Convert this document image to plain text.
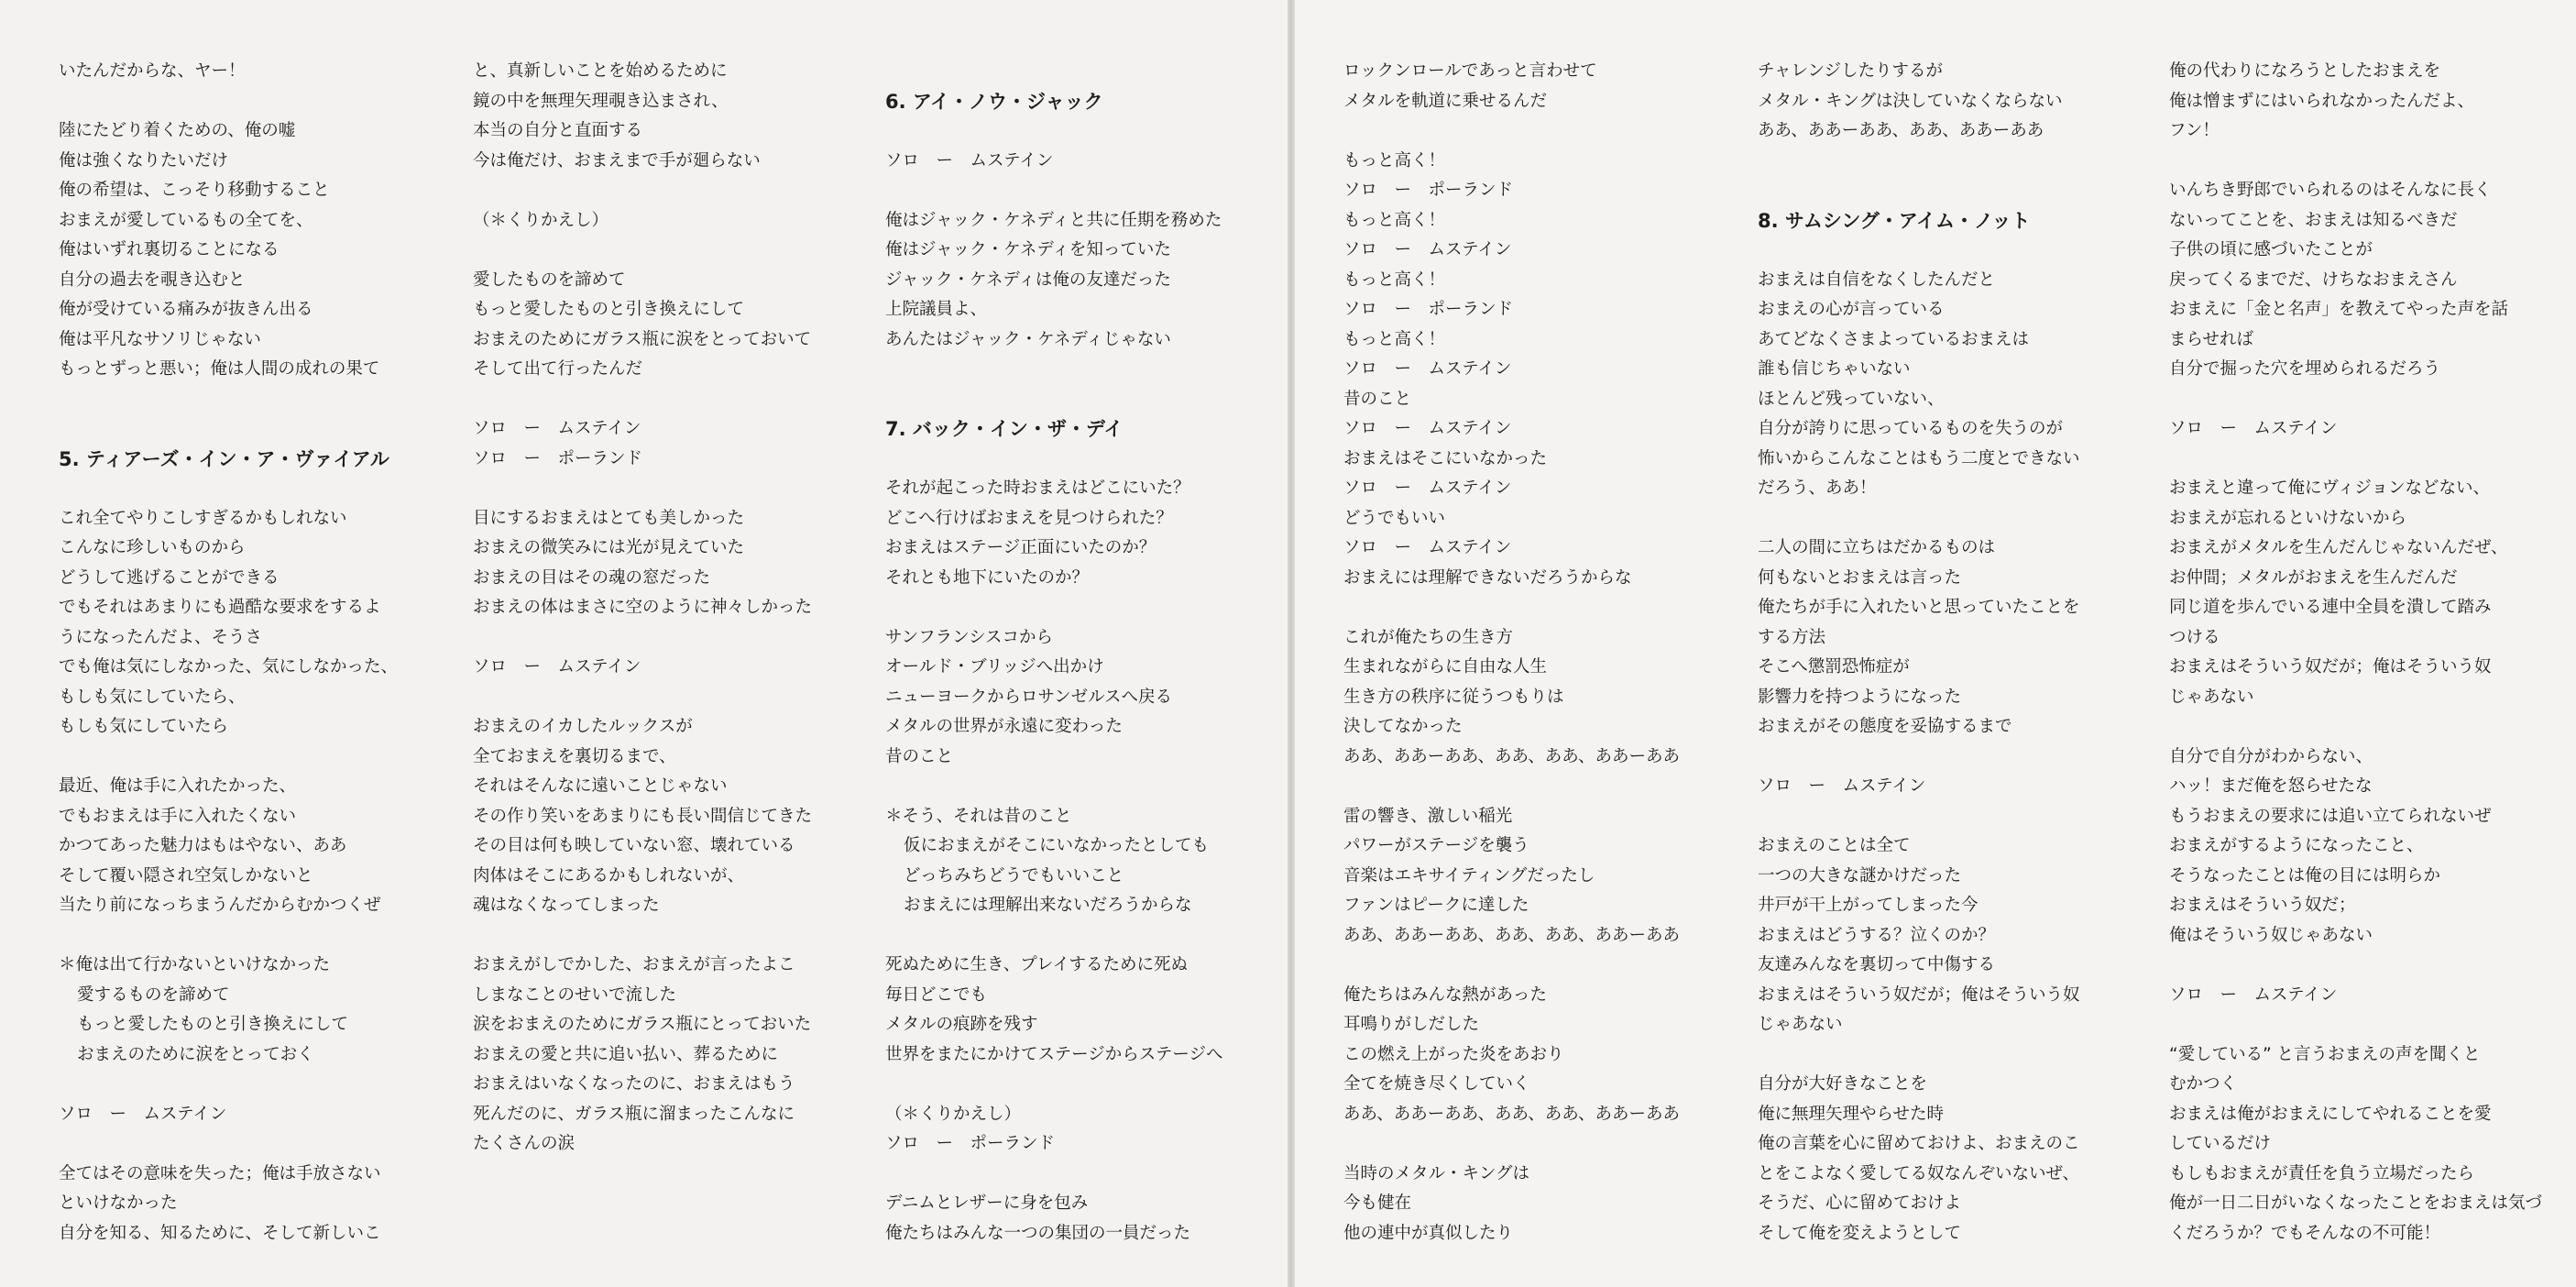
いたんだからな、ヤー！
陸にたどり着くための、俺の嘘
俺は強くなりたいだけ
俺の希望は、こっそり移動すること
おまえが愛しているもの全てを、
俺はいずれ裏切ることになる
自分の過去を覗き込むと
俺が受けている痛みが抜きん出る
俺は平凡なサソリじゃない
もっとずっと悪い；俺は人間の成れの果て
5. ティアーズ・イン・ア・ヴァイアル
これ全てやりこしすぎるかもしれない
こんなに珍しいものから
どうして逃げることができる
でもそれはあまりにも過酷な要求をするよ
うになったんだよ、そうさ
でも俺は気にしなかった、気にしなかった、
もしも気にしていたら、
もしも気にしていたら
最近、俺は手に入れたかった、
でもおまえは手に入れたくない
かつてあった魅力はもはやない、ああ
そして覆い隠され空気しかないと
当たり前になっちまうんだからむかつくぜ
＊俺は出て行かないといけなかった
愛するものを諦めて
もっと愛したものと引き換えにして
おまえのために涙をとっておく
ソロ　ー　ムステイン
全てはその意味を失った；俺は手放さない
といけなかった
自分を知る、知るために、そして新しいこ
と、真新しいことを始めるために
鏡の中を無理矢理覗き込まされ、
本当の自分と直面する
今は俺だけ、おまえまで手が廻らない
（＊くりかえし）
愛したものを諦めて
もっと愛したものと引き換えにして
おまえのためにガラス瓶に涙をとっておいて
そして出て行ったんだ
ソロ　ー　ムステイン
ソロ　ー　ポーランド
目にするおまえはとても美しかった
おまえの微笑みには光が見えていた
おまえの目はその魂の窓だった
おまえの体はまさに空のように神々しかった
ソロ　ー　ムステイン
おまえのイカしたルックスが
全ておまえを裏切るまで、
それはそんなに遠いことじゃない
その作り笑いをあまりにも長い間信じてきた
その目は何も映していない窓、壊れている
肉体はそこにあるかもしれないが、
魂はなくなってしまった
おまえがしでかした、おまえが言ったよこ
しまなことのせいで流した
涙をおまえのためにガラス瓶にとっておいた
おまえの愛と共に追い払い、葬るために
おまえはいなくなったのに、おまえはもう
死んだのに、ガラス瓶に溜まったこんなに
たくさんの涙
6. アイ・ノウ・ジャック
ソロ　ー　ムステイン
俺はジャック・ケネディと共に任期を務めた
俺はジャック・ケネディを知っていた
ジャック・ケネディは俺の友達だった
上院議員よ、
あんたはジャック・ケネディじゃない
7. バック・イン・ザ・デイ
それが起こった時おまえはどこにいた？
どこへ行けばおまえを見つけられた？
おまえはステージ正面にいたのか？
それとも地下にいたのか？
サンフランシスコから
オールド・ブリッジへ出かけ
ニューヨークからロサンゼルスへ戻る
メタルの世界が永遠に変わった
昔のこと
＊そう、それは昔のこと
仮におまえがそこにいなかったとしても
どっちみちどうでもいいこと
おまえには理解出来ないだろうからな
死ぬために生き、プレイするために死ぬ
毎日どこでも
メタルの痕跡を残す
世界をまたにかけてステージからステージへ
（＊くりかえし）
ソロ　ー　ポーランド
デニムとレザーに身を包み
俺たちはみんな一つの集団の一員だった
ロックンロールであっと言わせて
メタルを軌道に乗せるんだ
もっと高く！
ソロ　ー　ポーランド
もっと高く！
ソロ　ー　ムステイン
もっと高く！
ソロ　ー　ポーランド
もっと高く！
ソロ　ー　ムステイン
昔のこと
ソロ　ー　ムステイン
おまえはそこにいなかった
ソロ　ー　ムステイン
どうでもいい
ソロ　ー　ムステイン
おまえには理解できないだろうからな
これが俺たちの生き方
生まれながらに自由な人生
生き方の秩序に従うつもりは
決してなかった
ああ、ああーああ、ああ、ああ、ああーああ
雷の響き、激しい稲光
パワーがステージを襲う
音楽はエキサイティングだったし
ファンはピークに達した
ああ、ああーああ、ああ、ああ、ああーああ
俺たちはみんな熱があった
耳鳴りがしだした
この燃え上がった炎をあおり
全てを焼き尽くしていく
ああ、ああーああ、ああ、ああ、ああーああ
当時のメタル・キングは
今も健在
他の連中が真似したり
チャレンジしたりするが
メタル・キングは決していなくならない
ああ、ああーああ、ああ、ああーああ
8. サムシング・アイム・ノット
おまえは自信をなくしたんだと
おまえの心が言っている
あてどなくさまよっているおまえは
誰も信じちゃいない
ほとんど残っていない、
自分が誇りに思っているものを失うのが
怖いからこんなことはもう二度とできない
だろう、ああ！
二人の間に立ちはだかるものは
何もないとおまえは言った
俺たちが手に入れたいと思っていたことを
する方法
そこへ懲罰恐怖症が
影響力を持つようになった
おまえがその態度を妥協するまで
ソロ　ー　ムステイン
おまえのことは全て
一つの大きな謎かけだった
井戸が干上がってしまった今
おまえはどうする？泣くのか？
友達みんなを裏切って中傷する
おまえはそういう奴だが；俺はそういう奴
じゃあない
自分が大好きなことを
俺に無理矢理やらせた時
俺の言葉を心に留めておけよ、おまえのこ
とをこよなく愛してる奴なんぞいないぜ、
そうだ、心に留めておけよ
そして俺を変えようとして
俺の代わりになろうとしたおまえを
俺は憎まずにはいられなかったんだよ、
フン！
いんちき野郎でいられるのはそんなに長く
ないってことを、おまえは知るべきだ
子供の頃に感づいたことが
戻ってくるまでだ、けちなおまえさん
おまえに「金と名声」を教えてやった声を話
まらせれば
自分で掘った穴を埋められるだろう
ソロ　ー　ムステイン
おまえと違って俺にヴィジョンなどない、
おまえが忘れるといけないから
おまえがメタルを生んだんじゃないんだぜ、
お仲間；メタルがおまえを生んだんだ
同じ道を歩んでいる連中全員を潰して踏み
つける
おまえはそういう奴だが；俺はそういう奴
じゃあない
自分で自分がわからない、
ハッ！まだ俺を怒らせたな
もうおまえの要求には追い立てられないぜ
おまえがするようになったこと、
そうなったことは俺の目には明らか
おまえはそういう奴だ；
俺はそういう奴じゃあない
ソロ　ー　ムステイン
“愛している” と言うおまえの声を聞くと
むかつく
おまえは俺がおまえにしてやれることを愛
しているだけ
もしもおまえが責任を負う立場だったら
俺が一日二日がいなくなったことをおまえは気づ
くだろうか？でもそんなの不可能！
